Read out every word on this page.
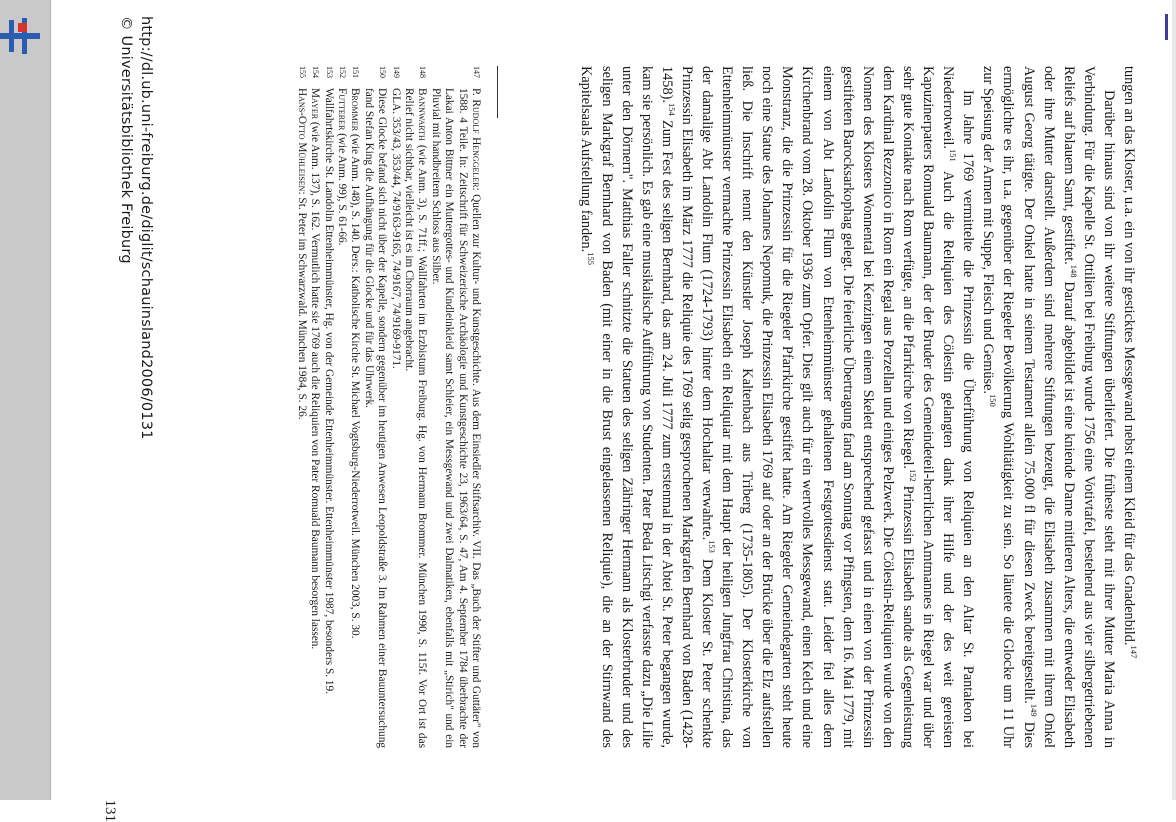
tungen an das Kloster, u.a. ein von ihr gesticktes Messgewand nebst einem Kleid für das Gnadenbild.$^{147}$

Darüber hinaus sind von ihr weitere Stiftungen überliefert. Die früheste steht mit ihrer Mutter Maria Anna in Verbindung. Für die Kapelle St. Ottilien bei Freiburg wurde 1756 eine Votivtafel, bestehend aus vier silbergetriebenen Reliefs auf blauem Samt, gestiftet.$^{148}$ Darauf abgebildet ist eine kniende Dame mittleren Alters, die entweder Elisabeth oder ihre Mutter darstellt. Außerdem sind mehrere Stiftungen bezeugt, die Elisabeth zusammen mit ihrem Onkel August Georg tätigte. Der Onkel hatte in seinem Testament allein 75.000 fl für diesen Zweck bereitgestellt.$^{149}$ Dies ermöglichte es ihr, u.a. gegenüber der Riegeler Bevölkerung Wohltätigkeit zu sein. So läutete die Glocke um 11 Uhr zur Speisung der Armen mit Suppe, Fleisch und Gemüse.$^{150}$

Im Jahre 1769 vermittelte die Prinzessin die Überführung von Reliquien an den Altar St. Pantaleon bei Niederrotweil.$^{151}$ Auch die Reliquien des Cölestin gelangten dank ihrer Hilfe und der des weit gereisten Kapuzinerpaters Romuald Baumann, der der Bruder des Gemeindeteil-herrlichen Amtmannes in Riegel war und über sehr gute Kontakte nach Rom verfügte, an die Pfarrkirche von Riegel.$^{152}$ Prinzessin Elisabeth sandte als Gegenleistung dem Kardinal Rezzonico in Rom ein Regal aus Porzellan und einiges Pelzwerk. Die Cölestin-Reliquien wurde von den Nonnen des Klosters Wonnental bei Kenzingen einem Skelett entsprechend gefasst und in einen von der Prinzessin gestifteten Barocksarkophag gelegt. Die feierliche Übertragung fand am Sonntag vor Pfingsten, dem 16. Mai 1779, mit einem von Abt Landolin Flum von Ettenheimmünster gehaltenen Festgottesdienst statt. Leider fiel alles dem Kirchenbrand vom 28. Oktober 1936 zum Opfer. Dies gilt auch für ein wertvolles Messgewand, einen Kelch und eine Monstranz, die die Prinzessin für die Riegeler Pfarrkirche gestiftet hatte. Am Riegeler Gemeindegarten steht heute noch eine Statue des Johannes Nepomuk, die Prinzessin Elisabeth 1769 auf oder an der Brücke über die Elz aufstellen ließ. Die Inschrift nennt den Künstler Joseph Kaltenbach aus Triberg (1735-1805). Der Klosterkirche von Ettenheimmünster vermachte Prinzessin Elisabeth ein Reliquiar mit dem Haupt der heiligen Jungfrau Christina, das der damalige Abt Landolin Flum (1724-1793) hinter dem Hochaltar verwahrte.$^{153}$ Dem Kloster St. Peter schenkte Prinzessin Elisabeth im März 1777 die Reliquie des 1769 selig gesprochenen Markgrafen Bernhard von Baden (1428-1458).$^{154}$ Zum Fest des seligen Bernhard, das am 24. Juli 1777 zum erstenmal in der Abtei St. Peter begangen wurde, kam sie persönlich. Es gab eine musikalische Aufführung von Studenten. Pater Beda Litschgi verfasste dazu „Die Lilie unter den Dörnern". Matthias Faller schnitzte die Statuen des seligen Zähringer Hermann als Klosterbruder und des seligen Markgraf Bernhard von Baden (mit einer in die Brust eingelassenen Reliquie), die an der Stirnwand des Kapitelsaals Aufstellung fanden.$^{155}$

147
P. Rudolf Henggeler: Quellen zur Kultur- und Kunstgeschichte. Aus dem Einsiedler Stiftsarchiv. VII. Das „Buch der Stifter und Guttäter" von 1588. 4 Teile. In: Zeitschrift für Schweizerische Archäologie und Kunstgeschichte 23, 1963/64, S. 47, Am 4. September 1784 überbrachte der Lakai Anton Bittner ein Muttergottes- und Kindleinkleid samt Schleier, ein Messgewand und zwei Dalmatiken, ebenfalls mit „Stirich" und ein Pluvial mit handbreitem Schloss aus Silber.
148
Bannwarth (wie Anm. 3), S. 71ff.; Wallfahrten im Erzbistum Freiburg. Hg. von Hermann Brommer. München 1990, S. 115f. Vor Ort ist das Relief nicht sichtbar, vielleicht ist es im Chorraum angebracht.
149
GLA. 353/43, 353/44, 74/9163-9165, 74/9167, 74/9169-9171.
150
Diese Glocke befand sich nicht über der Kapelle, sondern gegenüber im heutigen Anwesen Leopoldstraße 3. Im Rahmen einer Bauuntersuchung fand Stefan King die Aufhängung für die Glocke und für das Uhrwerk.
151
Brommer (wie Anm. 148), S. 140. Ders.: Katholische Kirche St. Michael Vogtsburg-Niederrotweil. München 2003, S. 30.
152
Futterer (wie Anm. 99), S. 61-66.
153
Wallfahrtskirche St. Landolin Ettenheimmünster, Hg. von der Gemeinde Ettenheimmünster. Ettenheimmünster 1987, besonders S. 19.
154
Mayer (wie Anm. 137), S. 162. Vermutlich hatte sie 1769 auch die Reliquien von Pater Romuald Baumann besorgen lassen.
155
Hans-Otto Mühleisen: St. Peter im Schwarzwald. München 1984, S. 26.
131
http://dl.ub.uni-freiburg.de/diglit/schauinsland2006/0131
© Universitätsbibliothek Freiburg
